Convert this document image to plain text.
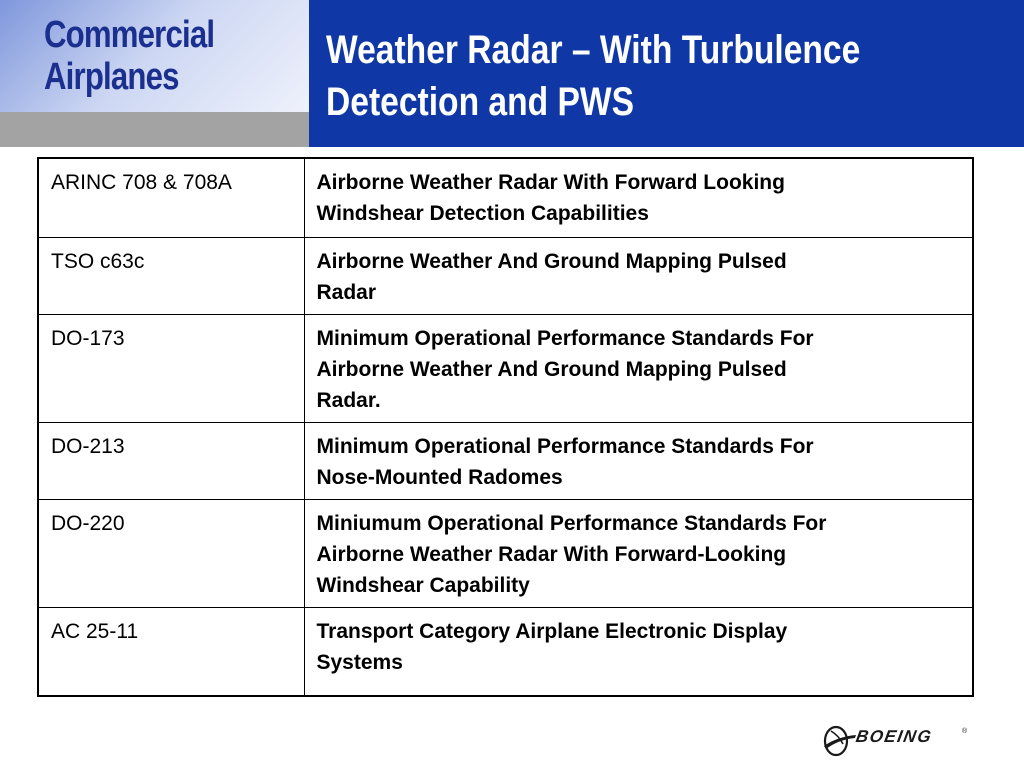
Commercial
Airplanes
Weather Radar – With Turbulence
Detection and PWS
ARINC 708 & 708A	Airborne Weather Radar With Forward Looking
Windshear Detection Capabilities
TSO c63c	Airborne Weather And Ground Mapping Pulsed
Radar
DO-173	Minimum Operational Performance Standards For
Airborne Weather And Ground Mapping Pulsed
Radar.
DO-213	Minimum Operational Performance Standards For
Nose-Mounted Radomes
DO-220	Miniumum Operational Performance Standards For
Airborne Weather Radar With Forward-Looking
Windshear Capability
AC 25-11	Transport Category Airplane Electronic Display
Systems
BOEING	®
